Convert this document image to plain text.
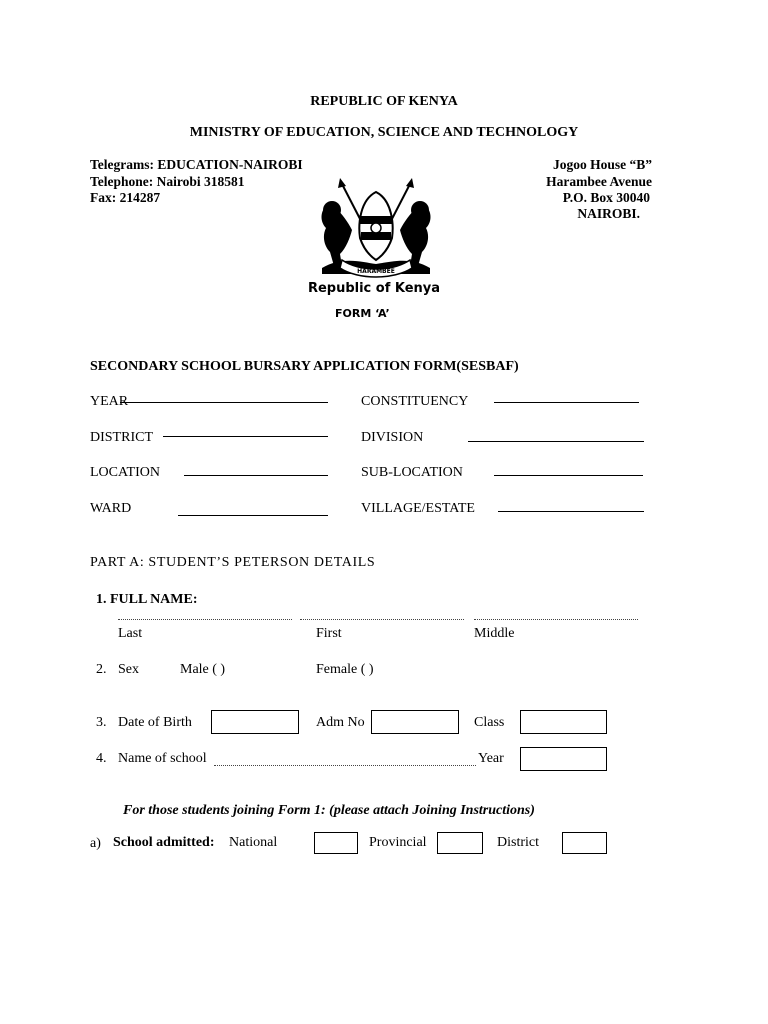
REPUBLIC OF KENYA
MINISTRY OF EDUCATION, SCIENCE AND TECHNOLOGY
Telegrams: EDUCATION-NAIROBI
Telephone: Nairobi 318581
Fax: 214287
Jogoo House “B”
Harambee Avenue
P.O. Box 30040
NAIROBI.
HARAMBEE
Republic of Kenya
FORM ‘A’
SECONDARY SCHOOL BURSARY APPLICATION FORM(SESBAF)
YEAR	CONSTITUENCY
DISTRICT	DIVISION
LOCATION	SUB-LOCATION
WARD	VILLAGE/ESTATE
PART A: STUDENT’S PETERSON DETAILS
1. FULL NAME:
Last	First	Middle
2. Sex	Male ( )	Female ( )
3. Date of Birth	Adm No	Class
4. Name of school	Year
For those students joining Form 1: (please attach Joining Instructions)
a) School admitted: National	Provincial	District
